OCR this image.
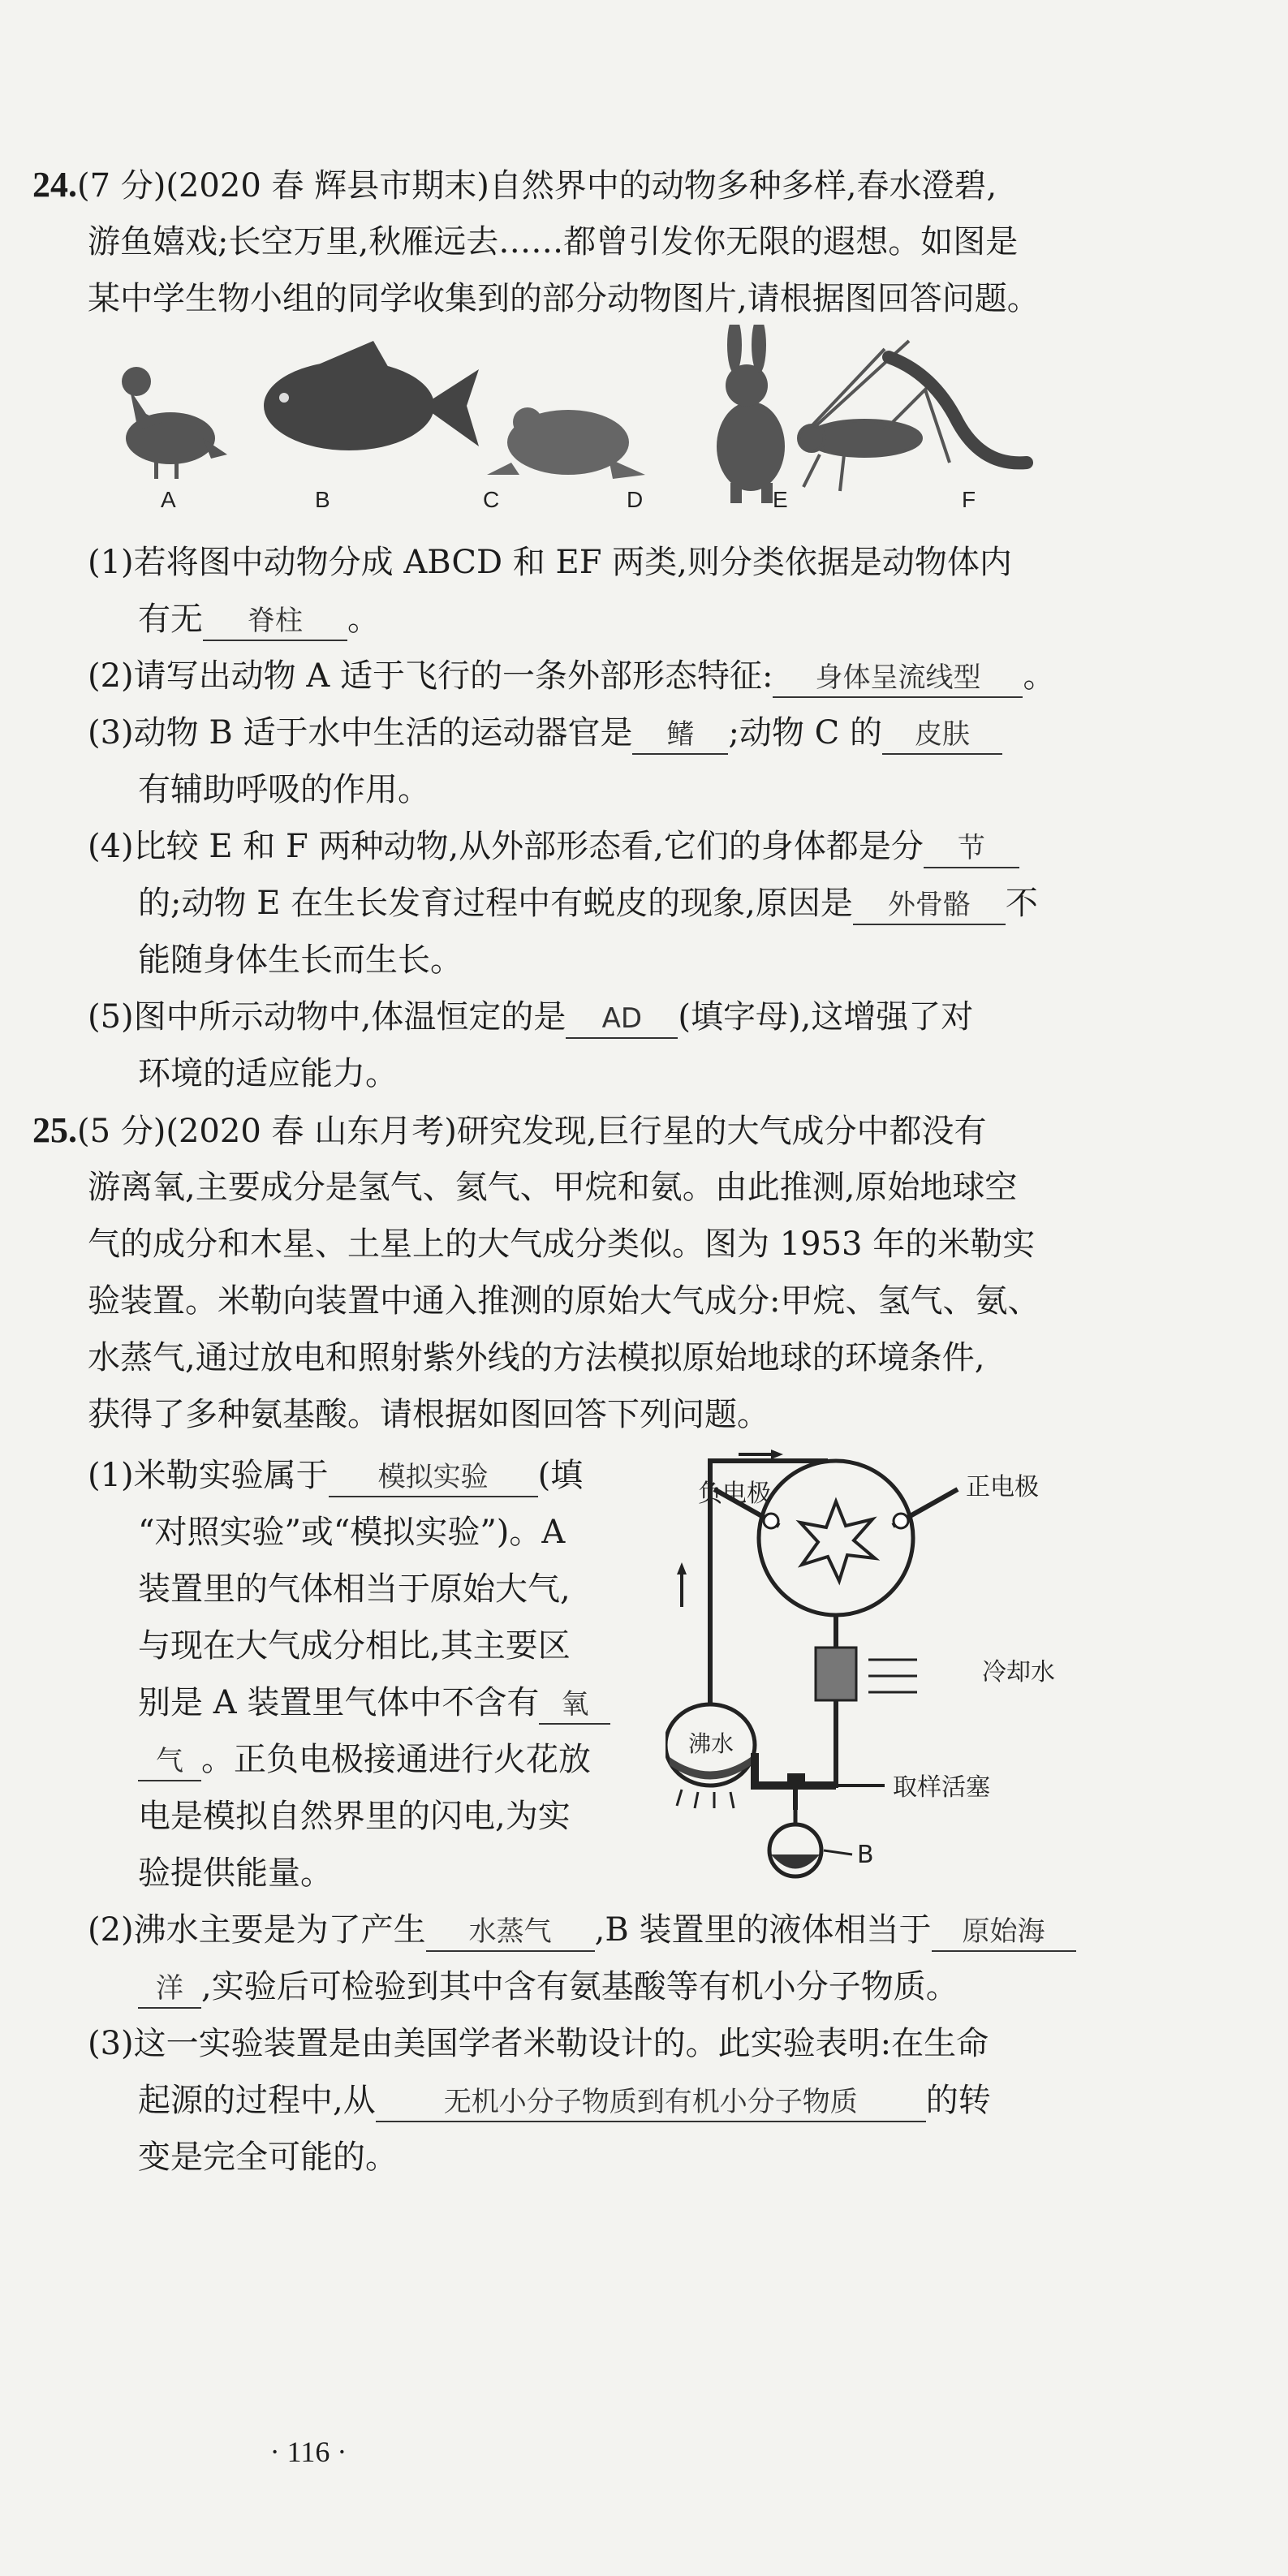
24.(7 分)(2020 春 辉县市期末)自然界中的动物多种多样,春水澄碧,
游鱼嬉戏;长空万里,秋雁远去……都曾引发你无限的遐想。如图是
某中学生物小组的同学收集到的部分动物图片,请根据图回答问题。
A	B	C	D	E	F
(1)若将图中动物分成 ABCD 和 EF 两类,则分类依据是动物体内
有无 脊柱 。
(2)请写出动物 A 适于飞行的一条外部形态特征: 身体呈流线型 。
(3)动物 B 适于水中生活的运动器官是 鳍 ;动物 C 的 皮肤
有辅助呼吸的作用。
(4)比较 E 和 F 两种动物,从外部形态看,它们的身体都是分 节
的;动物 E 在生长发育过程中有蜕皮的现象,原因是 外骨骼 不
能随身体生长而生长。
(5)图中所示动物中,体温恒定的是 AD (填字母),这增强了对
环境的适应能力。
25.(5 分)(2020 春 山东月考)研究发现,巨行星的大气成分中都没有
游离氧,主要成分是氢气、氦气、甲烷和氨。由此推测,原始地球空
气的成分和木星、土星上的大气成分类似。图为 1953 年的米勒实
验装置。米勒向装置中通入推测的原始大气成分:甲烷、氢气、氨、
水蒸气,通过放电和照射紫外线的方法模拟原始地球的环境条件,
获得了多种氨基酸。请根据如图回答下列问题。
(1)米勒实验属于 模拟实验 (填
“对照实验”或“模拟实验”)。A
装置里的气体相当于原始大气,
与现在大气成分相比,其主要区
别是 A 装置里气体中不含有 氧
气 。正负电极接通进行火花放
电是模拟自然界里的闪电,为实
验提供能量。
负电极	正电极
冷却水
沸水
取样活塞
B
(2)沸水主要是为了产生 水蒸气 ,B 装置里的液体相当于 原始海
洋 ,实验后可检验到其中含有氨基酸等有机小分子物质。
(3)这一实验装置是由美国学者米勒设计的。此实验表明:在生命
起源的过程中,从 无机小分子物质到有机小分子物质 的转
变是完全可能的。
· 116 ·
